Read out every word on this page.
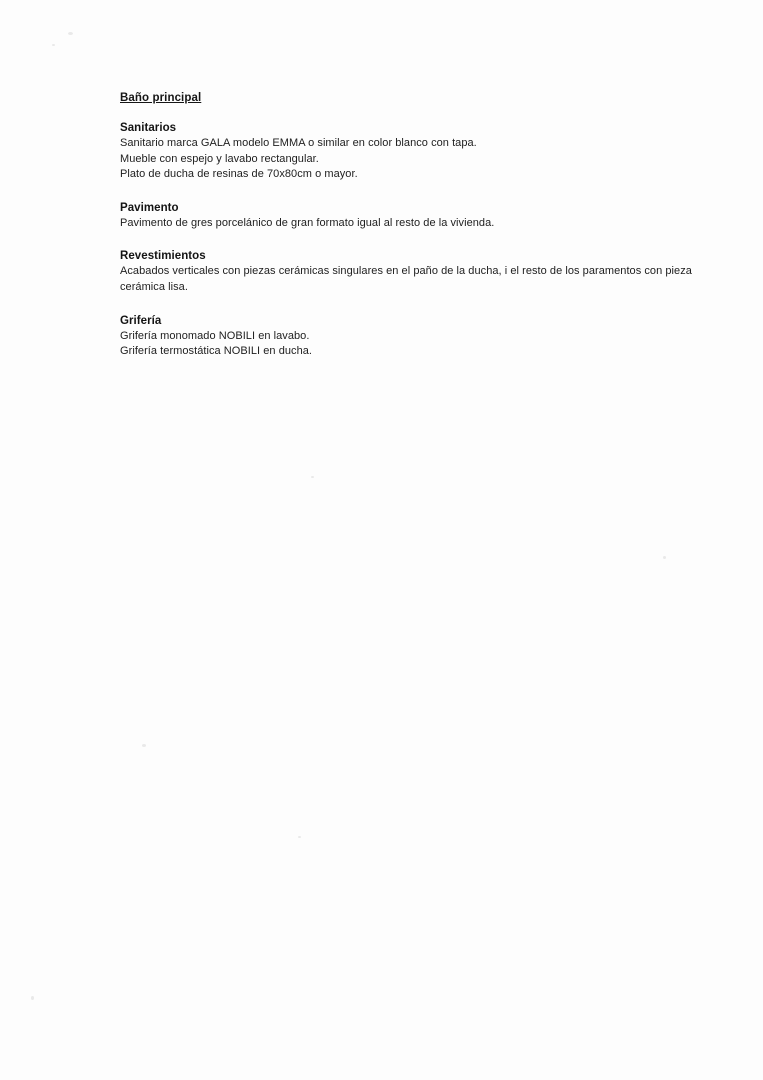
Baño principal
Sanitarios

Sanitario marca GALA modelo EMMA o similar en color blanco con tapa.

Mueble con espejo y lavabo rectangular.

Plato de ducha de resinas de 70x80cm o mayor.

Pavimento

Pavimento de gres porcelánico de gran formato igual al resto de la vivienda.

Revestimientos

Acabados verticales con piezas cerámicas singulares en el paño de la ducha, i el resto de los paramentos con pieza cerámica lisa.

Grifería

Grifería monomado NOBILI en lavabo.

Grifería termostática NOBILI en ducha.
